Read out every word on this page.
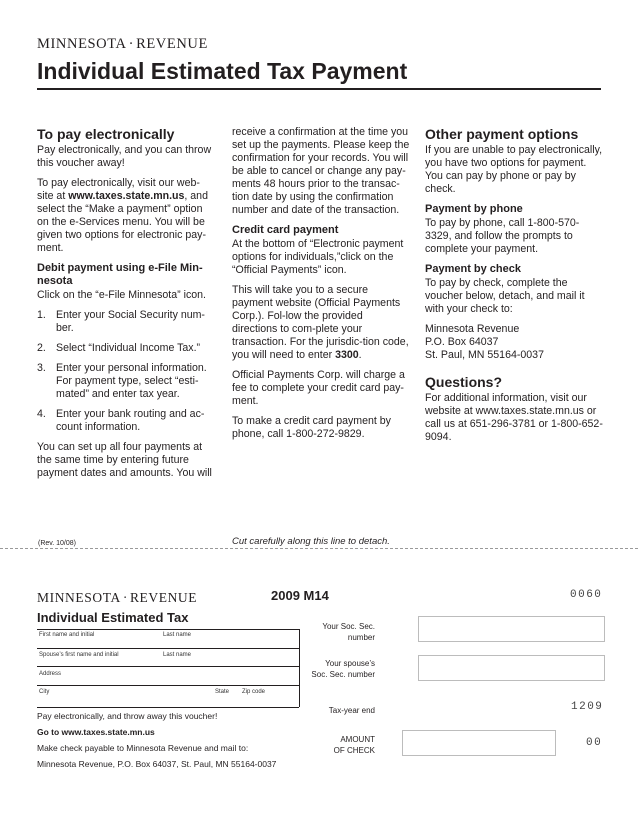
MINNESOTA · REVENUE
Individual Estimated Tax Payment
To pay electronically

Pay electronically, and you can throw this voucher away!

To pay electronically, visit our web-site at www.taxes.state.mn.us, and select the “Make a payment” option on the e-Services menu. You will be given two options for electronic pay-ment.

Debit payment using e-File Min-nesota

Click on the “e-File Minnesota” icon.

1. Enter your Social Security num-ber.
2. Select “Individual Income Tax.”
3. Enter your personal information. For payment type, select “esti-mated” and enter tax year.
4. Enter your bank routing and ac-count information.

You can set up all four payments at the same time by entering future payment dates and amounts. You will

receive a confirmation at the time you set up the payments. Please keep the confirmation for your records. You will be able to cancel or change any pay-ments 48 hours prior to the transac-tion date by using the confirmation number and date of the transaction.

Credit card payment

At the bottom of “Electronic payment options for individuals,”click on the “Official Payments” icon.

This will take you to a secure payment website (Official Payments Corp.). Fol-low the provided directions to com-plete your transaction. For the jurisdic-tion code, you will need to enter 3300.

Official Payments Corp. will charge a fee to complete your credit card pay-ment.

To make a credit card payment by phone, call 1-800-272-9829.

Other payment options

If you are unable to pay electronically, you have two options for payment. You can pay by phone or pay by check.

Payment by phone

To pay by phone, call 1-800-570-3329, and follow the prompts to complete your payment.

Payment by check

To pay by check, complete the voucher below, detach, and mail it with your check to:

Minnesota Revenue
P.O. Box 64037
St. Paul, MN 55164-0037

Questions?

For additional information, visit our website at www.taxes.state.mn.us or call us at 651-296-3781 or 1-800-652-9094.

(Rev. 10/08)	Cut carefully along this line to detach.
MINNESOTA · REVENUE	2009 M14	0060
Individual Estimated Tax
First name and initial	Last name
Spouse’s first name and initial	Last name
Address
City	State Zip code
Your Soc. Sec.
number
Your spouse’s
Soc. Sec. number
Tax-year end	1209
AMOUNT
OF CHECK
00
Pay electronically, and throw away this voucher!
Go to www.taxes.state.mn.us
Make check payable to Minnesota Revenue and mail to:
Minnesota Revenue, P.O. Box 64037, St. Paul, MN 55164-0037
